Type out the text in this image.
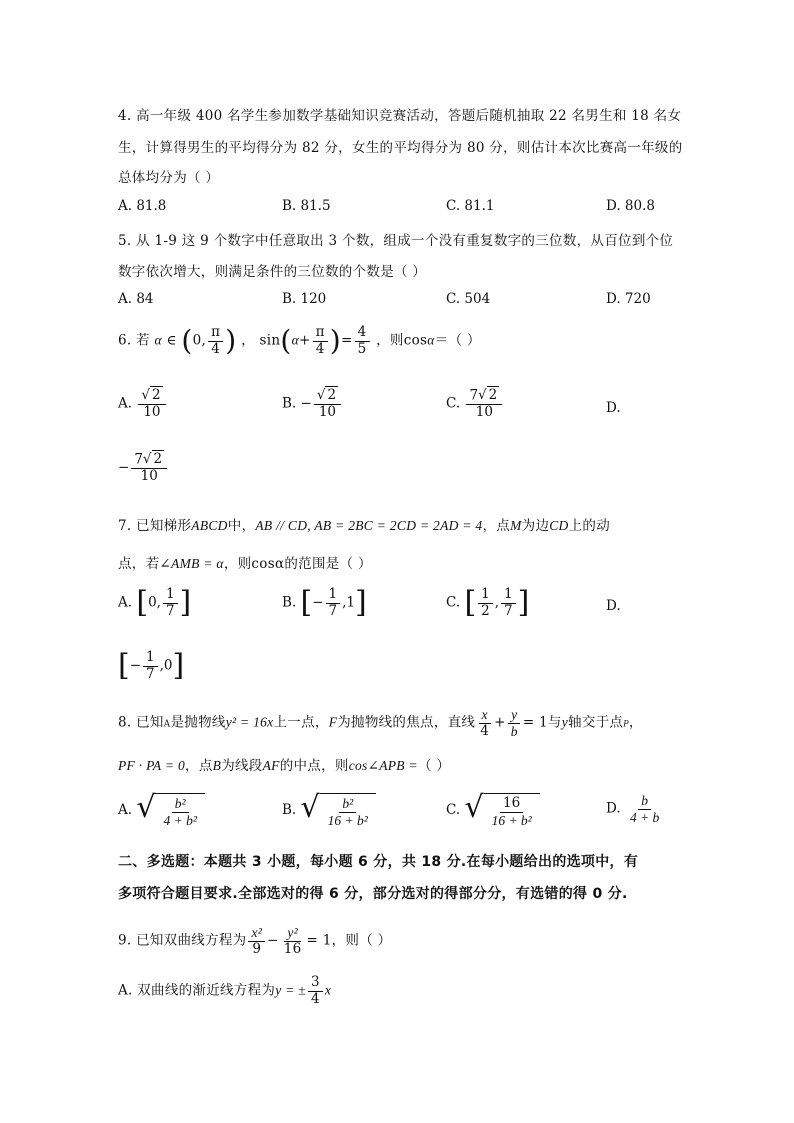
4. 高一年级 400 名学生参加数学基础知识竞赛活动，答题后随机抽取 22 名男生和 18 名女
生，计算得男生的平均得分为 82 分，女生的平均得分为 80 分，则估计本次比赛高一年级的
总体均分为（ ）
A. 81.8	B. 81.5	C. 81.1	D. 80.8
5. 从 1-9 这 9 个数字中任意取出 3 个数，组成一个没有重复数字的三位数，从百位到个位
数字依次增大，则满足条件的三位数的个数是（ ）
A. 84	B. 120	C. 504	D. 720
6. 若 α ∈ (0, $\frac{\pi}{4}$ ) ， $\sin(\alpha+ \frac{\pi}{4}$ )= $\frac{4}{5}$ ，则cosα＝（ ）
A. $\frac{√ 2}{10}$	B. − $\frac{√ 2}{10}$	C. $\frac{7√ 2}{10}$	D.
− $\frac{7√ 2}{10}$
7. 已知梯形ABCD中，AB // CD, AB = 2BC = 2CD = 2AD = 4，点M为边CD上的动
点，若∠AMB = α，则cosα的范围是（ ）
A. [0, $\frac{1}{7}$ ]	B. [− $\frac{1}{7} ,1$]	C. [ $\frac{1}{2}$ , $\frac{1}{7}$ ]	D.
[− $\frac{1}{7} ,0$]
8. 已知A是抛物线y² = 16x上一点，F为抛物线的焦点，直线 $\frac{x}{4} + \frac{y}{b} = 1$与y轴交于点P，
PF · PA = 0，点B为线段AF的中点，则cos∠APB =（ ）
A. √ $\frac{\text{b²}}{\text{4 + b²}}$	B. √ $\frac{\text{b²}}{\text{16 + b²}}$	C. √ $\frac{16}{\text{16 + b²}}$	D. $\frac{b}{4 + b}$
二、多选题：本题共 3 小题，每小题 6 分，共 18 分.在每小题给出的选项中，有
多项符合题目要求.全部选对的得 6 分，部分选对的得部分分，有选错的得 0 分.
9. 已知双曲线方程为 $\frac{\text{x²}}{9} - \frac{\text{y²}}{16} = 1$，则（ ）
A. 双曲线的渐近线方程为y = ± $\frac{3}{4}$ x
